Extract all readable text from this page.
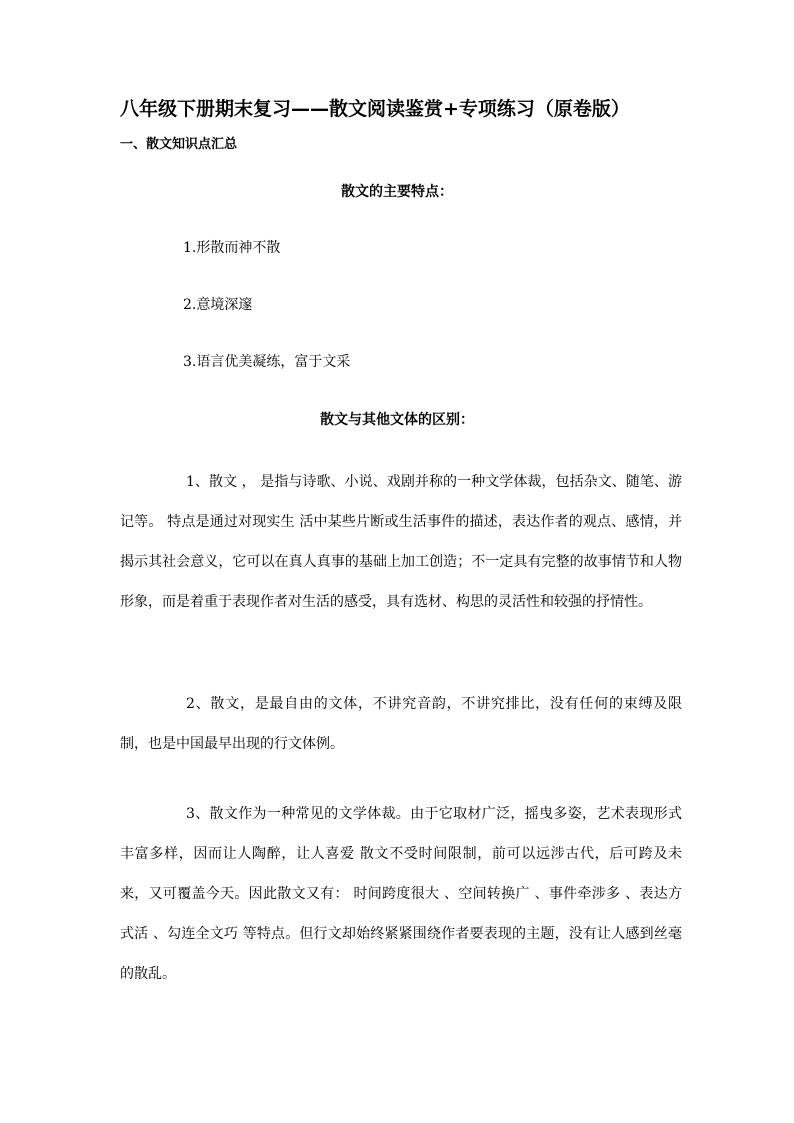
八年级下册期末复习——散文阅读鉴赏+专项练习（原卷版）
一、散文知识点汇总
散文的主要特点：
1.形散而神不散
2.意境深邃
3.语言优美凝练，富于文采
散文与其他文体的区别：

1、散文 ， 是指与诗歌、小说、戏剧并称的一种文学体裁，包括杂文、随笔、游记等。 特点是通过对现实生 活中某些片断或生活事件的描述，表达作者的观点、感情，并揭示其社会意义，它可以在真人真事的基础上加工创造；不一定具有完整的故事情节和人物形象，而是着重于表现作者对生活的感受，具有选材、构思的灵活性和较强的抒情性。

2、散文，是最自由的文体，不讲究音韵，不讲究排比，没有任何的束缚及限制，也是中国最早出现的行文体例。

3、散文作为一种常见的文学体裁。由于它取材广泛，摇曳多姿，艺术表现形式丰富多样，因而让人陶醉，让人喜爱 散文不受时间限制，前可以远涉古代，后可跨及未来，又可覆盖今天。因此散文又有： 时间跨度很大 、空间转换广 、事件牵涉多 、表达方式活 、勾连全文巧 等特点。但行文却始终紧紧围绕作者要表现的主题，没有让人感到丝毫的散乱。
